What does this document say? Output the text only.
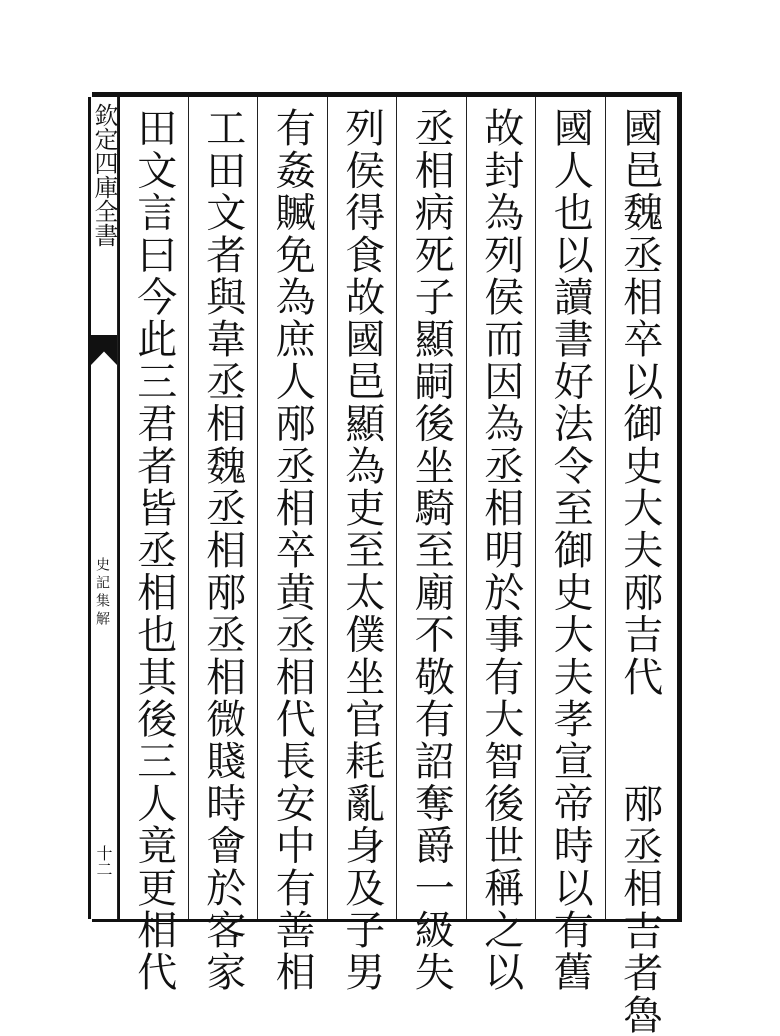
欽定四庫全書
史記集解
十二
國邑魏丞相卒以御史大夫邴吉代
邴丞相吉者魯
國人也以讀書好法令至御史大夫孝宣帝時以有舊
故封為列侯而因為丞相明於事有大智後世稱之以
丞相病死子顯嗣後坐騎至廟不敬有詔奪爵一級失
列侯得食故國邑顯為吏至太僕坐官耗亂身及子男
有姦贓免為庶人邴丞相卒黄丞相代長安中有善相
工田文者與韋丞相魏丞相邴丞相微賤時會於客家
田文言曰今此三君者皆丞相也其後三人竟更相代
